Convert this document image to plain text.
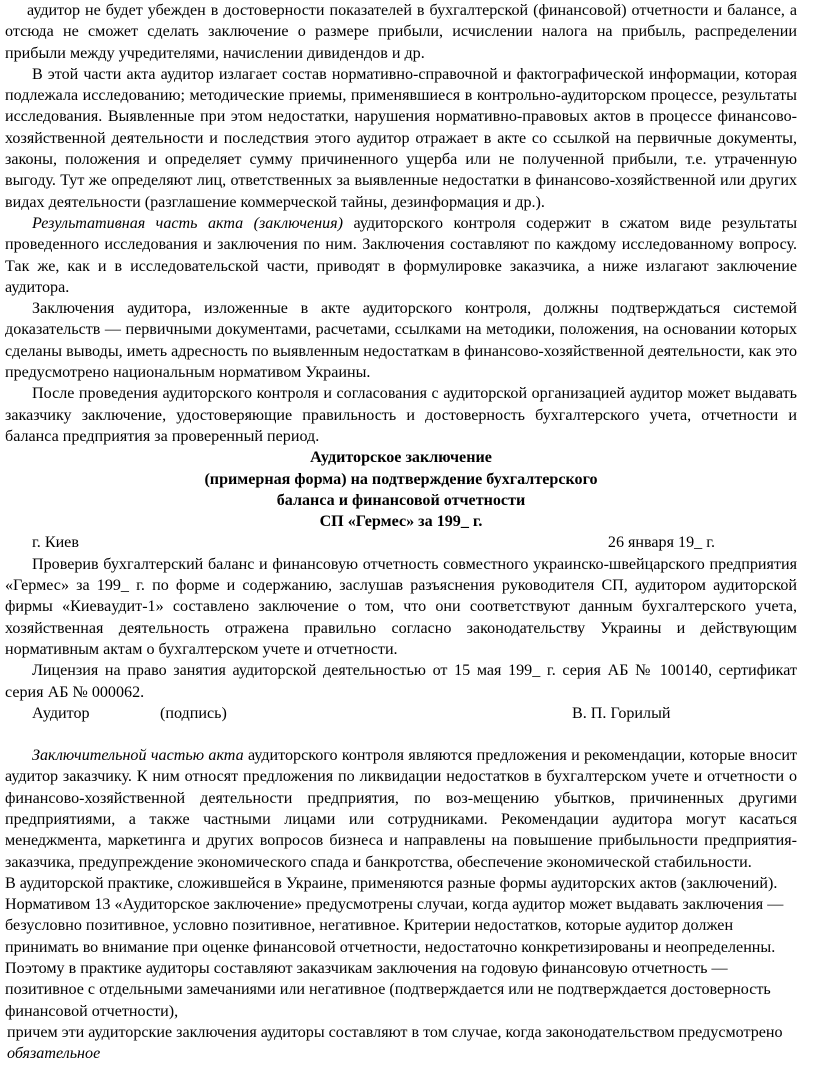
аудитор не будет убежден в достоверности показателей в бухгалтерской (финансовой) отчетности и балансе, а отсюда не сможет сделать заключение о размере прибыли, исчислении налога на прибыль, распределении прибыли между учредителями, начислении дивидендов и др.

В этой части акта аудитор излагает состав нормативно-справочной и фактографической информации, которая подлежала исследованию; методические приемы, применявшиеся в контрольно-аудиторском процессе, результаты исследования. Выявленные при этом недостатки, нарушения нормативно-правовых актов в процессе финансово-хозяйственной деятельности и последствия этого аудитор отражает в акте со ссылкой на первичные документы, законы, положения и определяет сумму причиненного ущерба или не полученной прибыли, т.е. утраченную выгоду. Тут же определяют лиц, ответственных за выявленные недостатки в финансово-хозяйственной или других видах деятельности (разглашение коммерческой тайны, дезинформация и др.).

Результативная часть акта (заключения) аудиторского контроля содержит в сжатом виде результаты проведенного исследования и заключения по ним. Заключения составляют по каждому исследованному вопросу. Так же, как и в исследовательской части, приводят в формулировке заказчика, а ниже излагают заключение аудитора.

Заключения аудитора, изложенные в акте аудиторского контроля, должны подтверждаться системой доказательств — первичными документами, расчетами, ссылками на методики, положения, на основании которых сделаны выводы, иметь адресность по выявленным недостаткам в финансово-хозяйственной деятельности, как это предусмотрено национальным нормативом Украины.

После проведения аудиторского контроля и согласования с аудиторской организацией аудитор может выдавать заказчику заключение, удостоверяющие правильность и достоверность бухгалтерского учета, отчетности и баланса предприятия за проверенный период.

Аудиторское заключение
(примерная форма) на подтверждение бухгалтерского
баланса и финансовой отчетности
СП «Гермес» за 199_ г.
г. Киев	26 января 19_ г.

Проверив бухгалтерский баланс и финансовую отчетность совместного украинско-швейцарского предприятия «Гермес» за 199_ г. по форме и содержанию, заслушав разъяснения руководителя СП, аудитором аудиторской фирмы «Киевaудит-1» составлено заключение о том, что они соответствуют данным бухгалтерского учета, хозяйственная деятельность отражена правильно согласно законодательству Украины и действующим нормативным актам о бухгалтерском учете и отчетности.

Лицензия на право занятия аудиторской деятельностью от 15 мая 199_ г. серия АБ № 100140, сертификат серия АБ № 000062.

Аудитор	(подпись)	В. П. Горилый

Заключительной частью акта аудиторского контроля являются предложения и рекомендации, которые вносит аудитор заказчику. К ним относят предложения по ликвидации недостатков в бухгалтерском учете и отчетности о финансово-хозяйственной деятельности предприятия, по воз-мещению убытков, причиненных другими предприятиями, а также частными лицами или сотрудниками. Рекомендации аудитора могут касаться менеджмента, маркетинга и других вопросов бизнеса и направлены на повышение прибыльности предприятия-заказчика, предупреждение экономического спада и банкротства, обеспечение экономической стабильности.

В аудиторской практике, сложившейся в Украине, применяются разные формы аудиторских актов (заключений). Нормативом 13 «Аудиторское заключение» предусмотрены случаи, когда аудитор может выдавать заключения — безусловно позитивное, условно позитивное, негативное. Критерии недостатков, которые аудитор должен принимать во внимание при оценке финансовой отчетности, недостаточно конкретизированы и неопределенны. Поэтому в практике аудиторы составляют заказчикам заключения на годовую финансовую отчетность — позитивное с отдельными замечаниями или негативное (подтверждается или не подтверждается достоверность финансовой отчетности),

причем эти аудиторские заключения аудиторы составляют в том случае, когда законодательством предусмотрено обязательное
